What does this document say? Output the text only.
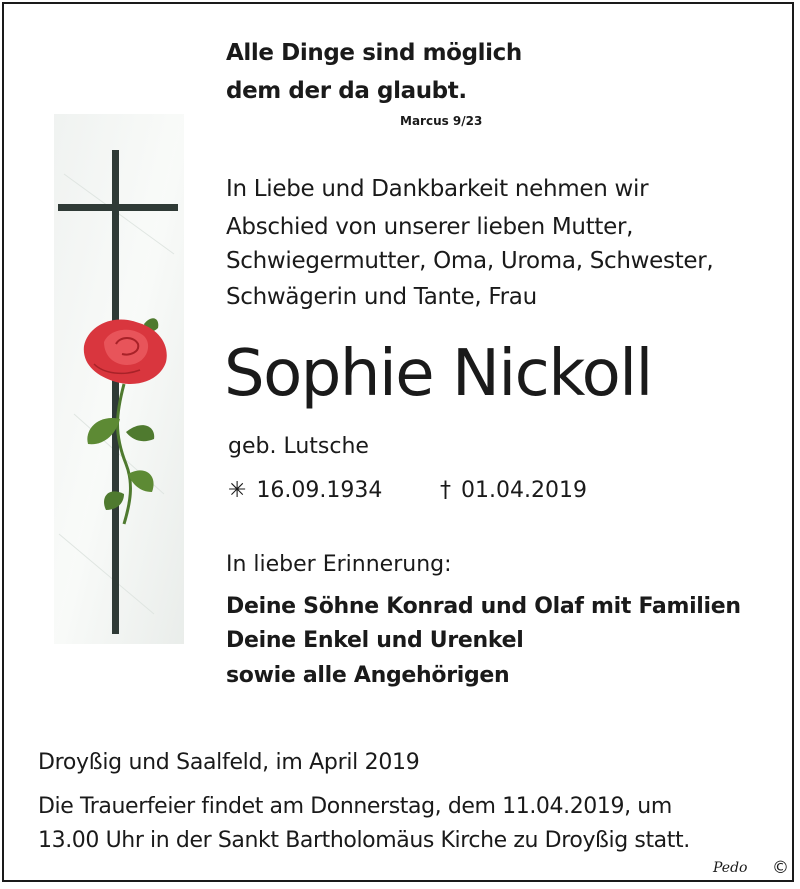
Alle Dinge sind möglich

dem der da glaubt.

Marcus 9/23

In Liebe und Dankbarkeit nehmen wir

Abschied von unserer lieben Mutter,

Schwiegermutter, Oma, Uroma, Schwester,

Schwägerin und Tante, Frau

Sophie Nickoll

geb. Lutsche

✳ 16.09.1934	† 01.04.2019

In lieber Erinnerung:

Deine Söhne Konrad und Olaf mit Familien

Deine Enkel und Urenkel

sowie alle Angehörigen

Droyßig und Saalfeld, im April 2019

Die Trauerfeier findet am Donnerstag, dem 11.04.2019, um

13.00 Uhr in der Sankt Bartholomäus Kirche zu Droyßig statt.

Pedo ©
